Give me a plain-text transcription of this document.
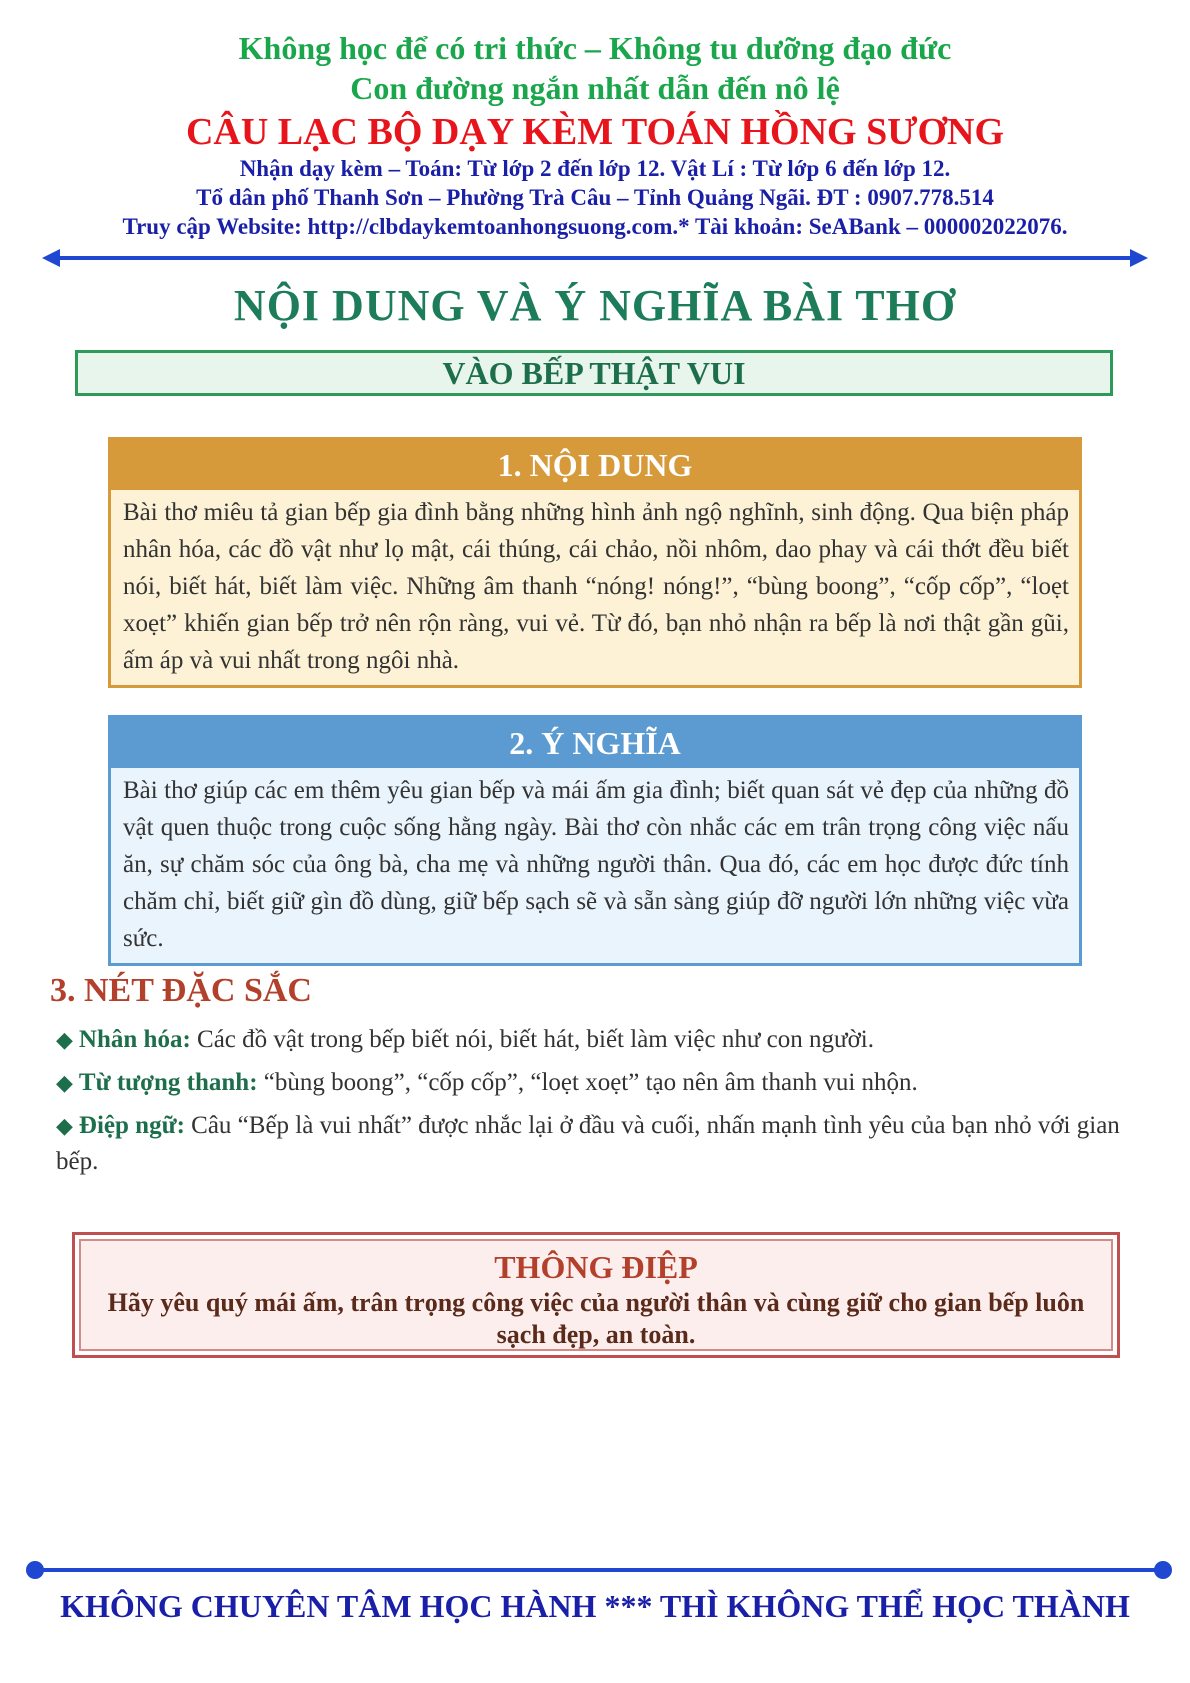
Không học để có tri thức – Không tu dưỡng đạo đức
Con đường ngắn nhất dẫn đến nô lệ
CÂU LẠC BỘ DẠY KÈM TOÁN HỒNG SƯƠNG
Nhận dạy kèm – Toán: Từ lớp 2 đến lớp 12. Vật Lí : Từ lớp 6 đến lớp 12.
Tổ dân phố Thanh Sơn – Phường Trà Câu – Tỉnh Quảng Ngãi. ĐT : 0907.778.514
Truy cập Website: http://clbdaykemtoanhongsuong.com.* Tài khoản: SeABank – 000002022076.
NỘI DUNG VÀ Ý NGHĨA BÀI THƠ
VÀO BẾP THẬT VUI
1. NỘI DUNG
Bài thơ miêu tả gian bếp gia đình bằng những hình ảnh ngộ nghĩnh, sinh động. Qua biện pháp nhân hóa, các đồ vật như lọ mật, cái thúng, cái chảo, nồi nhôm, dao phay và cái thớt đều biết nói, biết hát, biết làm việc. Những âm thanh “nóng! nóng!”, “bùng boong”, “cốp cốp”, “loẹt xoẹt” khiến gian bếp trở nên rộn ràng, vui vẻ. Từ đó, bạn nhỏ nhận ra bếp là nơi thật gần gũi, ấm áp và vui nhất trong ngôi nhà.
2. Ý NGHĨA
Bài thơ giúp các em thêm yêu gian bếp và mái ấm gia đình; biết quan sát vẻ đẹp của những đồ vật quen thuộc trong cuộc sống hằng ngày. Bài thơ còn nhắc các em trân trọng công việc nấu ăn, sự chăm sóc của ông bà, cha mẹ và những người thân. Qua đó, các em học được đức tính chăm chỉ, biết giữ gìn đồ dùng, giữ bếp sạch sẽ và sẵn sàng giúp đỡ người lớn những việc vừa sức.
3. NÉT ĐẶC SẮC
◆ Nhân hóa: Các đồ vật trong bếp biết nói, biết hát, biết làm việc như con người.
◆ Từ tượng thanh: “bùng boong”, “cốp cốp”, “loẹt xoẹt” tạo nên âm thanh vui nhộn.
◆ Điệp ngữ: Câu “Bếp là vui nhất” được nhắc lại ở đầu và cuối, nhấn mạnh tình yêu của bạn nhỏ với gian bếp.
THÔNG ĐIỆP
Hãy yêu quý mái ấm, trân trọng công việc của người thân và cùng giữ cho gian bếp luôn sạch đẹp, an toàn.
KHÔNG CHUYÊN TÂM HỌC HÀNH *** THÌ KHÔNG THỂ HỌC THÀNH
